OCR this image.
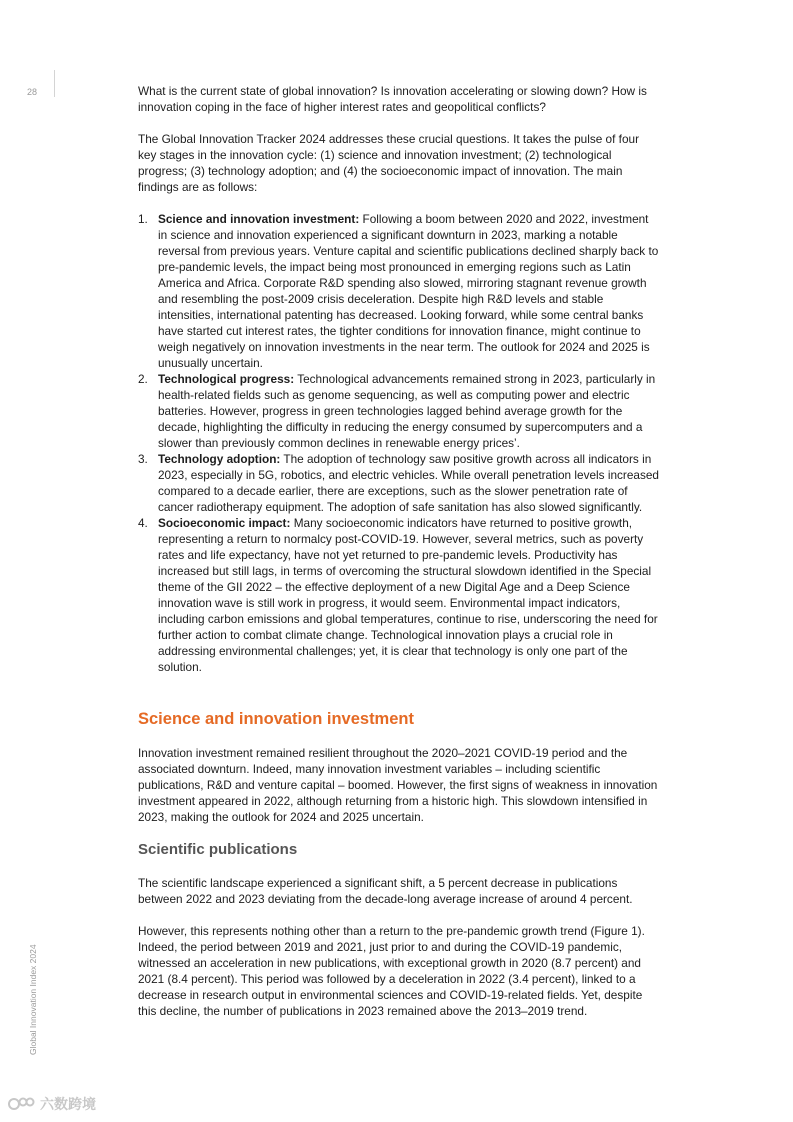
28
Global Innovation Index 2024
六数跨境

What is the current state of global innovation? Is innovation accelerating or slowing down? How is innovation coping in the face of higher interest rates and geopolitical conflicts?

The Global Innovation Tracker 2024 addresses these crucial questions. It takes the pulse of four key stages in the innovation cycle: (1) science and innovation investment; (2) technological progress; (3) technology adoption; and (4) the socioeconomic impact of innovation. The main findings are as follows:

1. Science and innovation investment: Following a boom between 2020 and 2022, investment in science and innovation experienced a significant downturn in 2023, marking a notable reversal from previous years. Venture capital and scientific publications declined sharply back to pre-pandemic levels, the impact being most pronounced in emerging regions such as Latin America and Africa. Corporate R&D spending also slowed, mirroring stagnant revenue growth and resembling the post-2009 crisis deceleration. Despite high R&D levels and stable intensities, international patenting has decreased. Looking forward, while some central banks have started cut interest rates, the tighter conditions for innovation finance, might continue to weigh negatively on innovation investments in the near term. The outlook for 2024 and 2025 is unusually uncertain.
2. Technological progress: Technological advancements remained strong in 2023, particularly in health-related fields such as genome sequencing, as well as computing power and electric batteries. However, progress in green technologies lagged behind average growth for the decade, highlighting the difficulty in reducing the energy consumed by supercomputers and a slower than previously common declines in renewable energy prices’.
3. Technology adoption: The adoption of technology saw positive growth across all indicators in 2023, especially in 5G, robotics, and electric vehicles. While overall penetration levels increased compared to a decade earlier, there are exceptions, such as the slower penetration rate of cancer radiotherapy equipment. The adoption of safe sanitation has also slowed significantly.
4. Socioeconomic impact: Many socioeconomic indicators have returned to positive growth, representing a return to normalcy post-COVID-19. However, several metrics, such as poverty rates and life expectancy, have not yet returned to pre-pandemic levels. Productivity has increased but still lags, in terms of overcoming the structural slowdown identified in the Special theme of the GII 2022 – the effective deployment of a new Digital Age and a Deep Science innovation wave is still work in progress, it would seem. Environmental impact indicators, including carbon emissions and global temperatures, continue to rise, underscoring the need for further action to combat climate change. Technological innovation plays a crucial role in addressing environmental challenges; yet, it is clear that technology is only one part of the solution.
Science and innovation investment

Innovation investment remained resilient throughout the 2020–2021 COVID-19 period and the associated downturn. Indeed, many innovation investment variables – including scientific publications, R&D and venture capital – boomed. However, the first signs of weakness in innovation investment appeared in 2022, although returning from a historic high. This slowdown intensified in 2023, making the outlook for 2024 and 2025 uncertain.

Scientific publications

The scientific landscape experienced a significant shift, a 5 percent decrease in publications between 2022 and 2023 deviating from the decade-long average increase of around 4 percent.

However, this represents nothing other than a return to the pre-pandemic growth trend (Figure 1). Indeed, the period between 2019 and 2021, just prior to and during the COVID-19 pandemic, witnessed an acceleration in new publications, with exceptional growth in 2020 (8.7 percent) and 2021 (8.4 percent). This period was followed by a deceleration in 2022 (3.4 percent), linked to a decrease in research output in environmental sciences and COVID-19-related fields. Yet, despite this decline, the number of publications in 2023 remained above the 2013–2019 trend.
